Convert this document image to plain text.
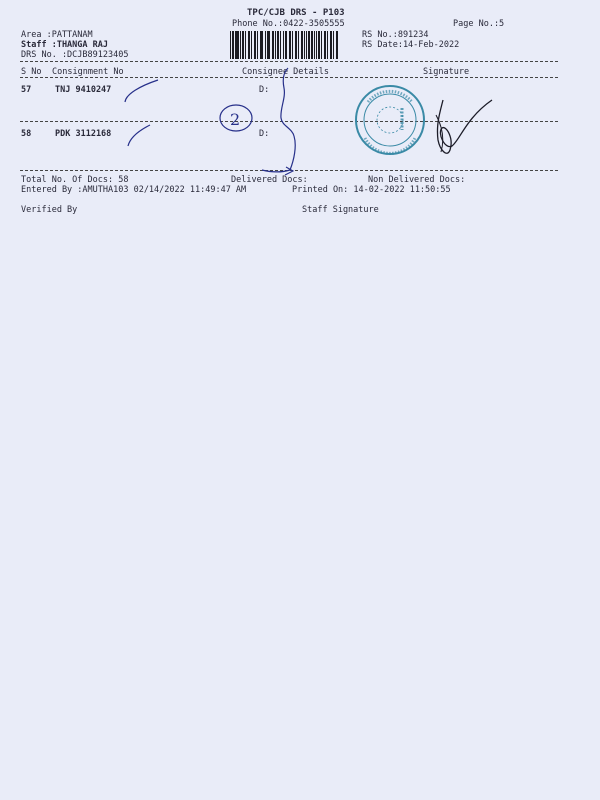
TPC/CJB DRS - P103
Phone No.:0422-3505555	Page No.:5
Area :PATTANAM
Staff :THANGA RAJ
DRS No. :DCJB89123405
RS No.:891234
RS Date:14-Feb-2022
S No Consignment No	Consignee Details	Signature
57	TNJ 9410247	D:
58	PDK 3112168	D:
Total No. Of Docs: 58	Delivered Docs:	Non Delivered Docs:
Entered By :AMUTHA103 02/14/2022 11:49:47 AM	Printed On: 14-02-2022 11:50:55
Verified By	Staff Signature
2
